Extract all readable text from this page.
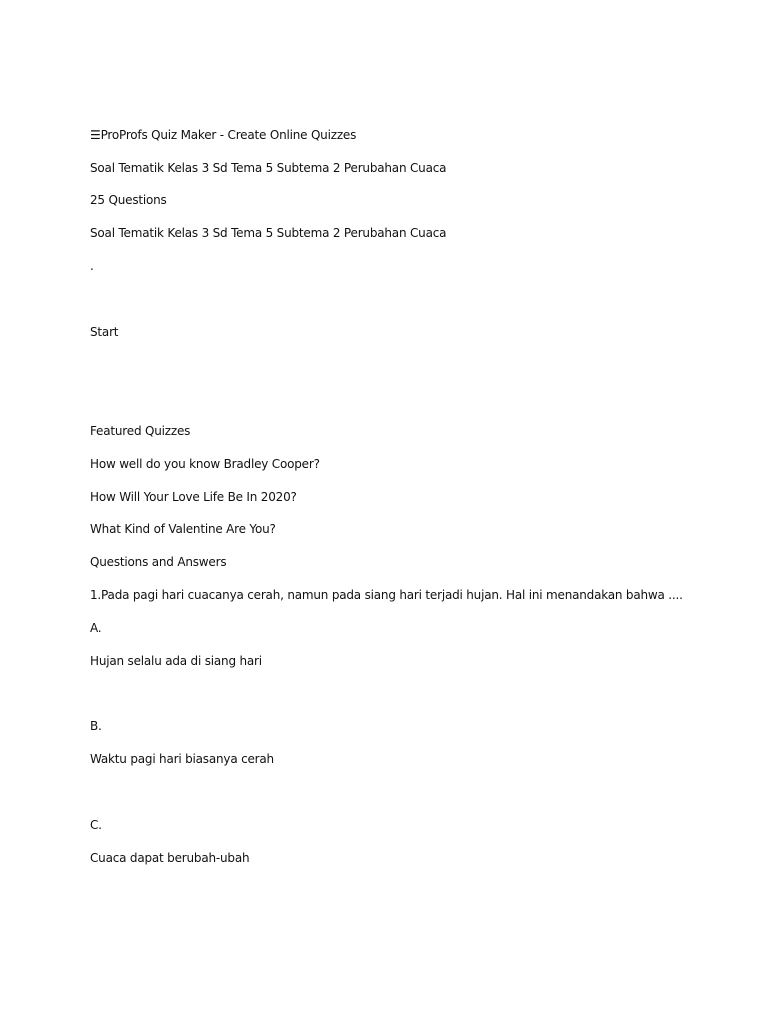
☰ProProfs Quiz Maker - Create Online Quizzes
Soal Tematik Kelas 3 Sd Tema 5 Subtema 2 Perubahan Cuaca
25 Questions
Soal Tematik Kelas 3 Sd Tema 5 Subtema 2 Perubahan Cuaca
.
Start
Featured Quizzes
How well do you know Bradley Cooper?
How Will Your Love Life Be In 2020?
What Kind of Valentine Are You?
Questions and Answers
1.Pada pagi hari cuacanya cerah, namun pada siang hari terjadi hujan. Hal ini menandakan bahwa ....
A.
Hujan selalu ada di siang hari
B.
Waktu pagi hari biasanya cerah
C.
Cuaca dapat berubah-ubah
